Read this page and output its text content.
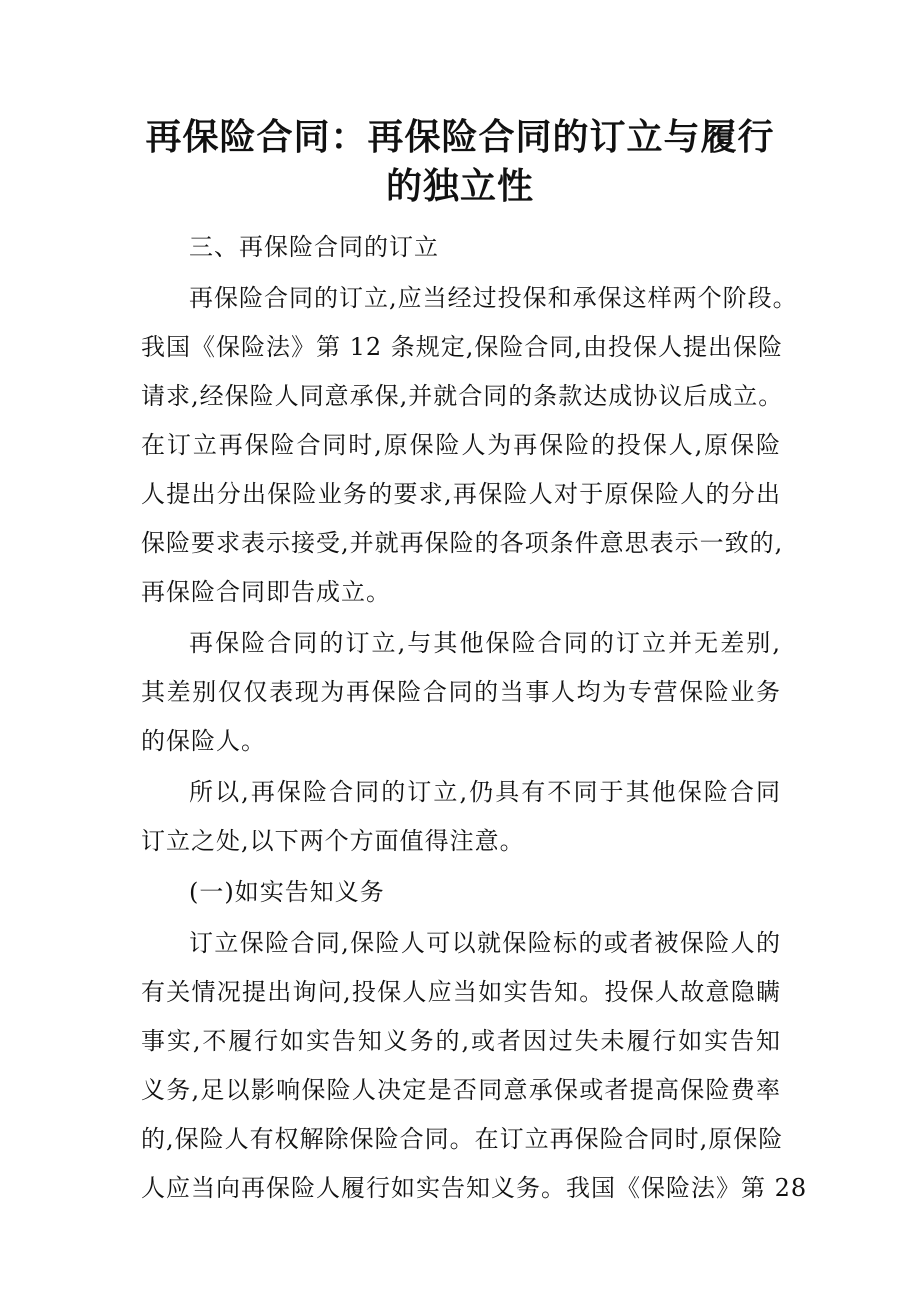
再保险合同：再保险合同的订立与履行
的独立性
三、再保险合同的订立
再保险合同的订立,应当经过投保和承保这样两个阶段。
我国《保险法》第 12 条规定,保险合同,由投保人提出保险
请求,经保险人同意承保,并就合同的条款达成协议后成立。
在订立再保险合同时,原保险人为再保险的投保人,原保险
人提出分出保险业务的要求,再保险人对于原保险人的分出
保险要求表示接受,并就再保险的各项条件意思表示一致的,
再保险合同即告成立。
再保险合同的订立,与其他保险合同的订立并无差别,
其差别仅仅表现为再保险合同的当事人均为专营保险业务
的保险人。
所以,再保险合同的订立,仍具有不同于其他保险合同
订立之处,以下两个方面值得注意。
(一)如实告知义务
订立保险合同,保险人可以就保险标的或者被保险人的
有关情况提出询问,投保人应当如实告知。投保人故意隐瞒
事实,不履行如实告知义务的,或者因过失未履行如实告知
义务,足以影响保险人决定是否同意承保或者提高保险费率
的,保险人有权解除保险合同。在订立再保险合同时,原保险
人应当向再保险人履行如实告知义务。我国《保险法》第 28
